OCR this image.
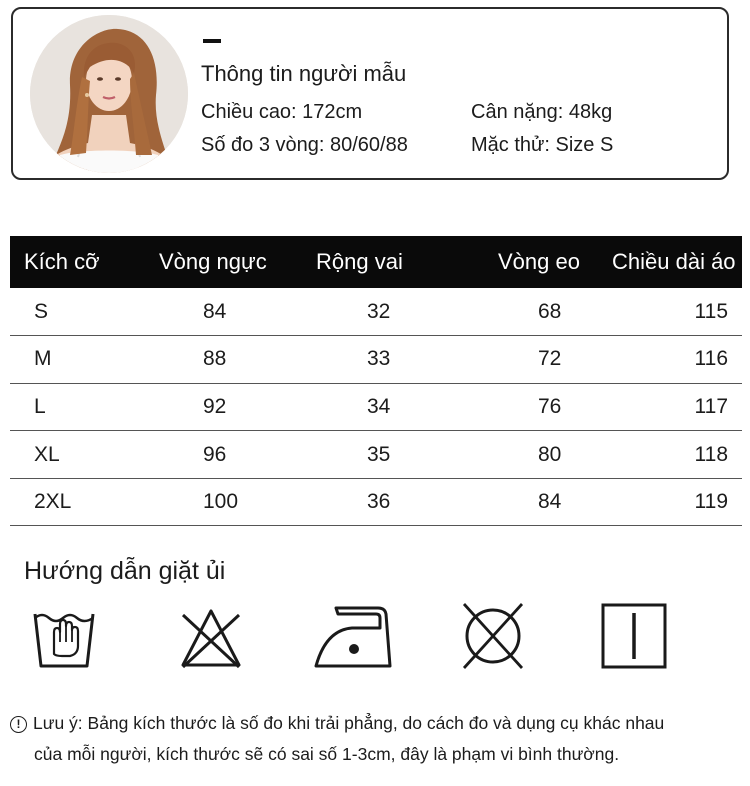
Thông tin người mẫu
Chiều cao: 172cm	Cân nặng: 48kg
Số đo 3 vòng: 80/60/88	Mặc thử: Size S
Kích cỡ	Vòng ngực	Rộng vai	Vòng eo	Chiều dài áo
S	84	32	68	115
M	88	33	72	116
L	92	34	76	117
XL	96	35	80	118
2XL	100	36	84	119
Hướng dẫn giặt ủi
! Lưu ý: Bảng kích thước là số đo khi trải phẳng, do cách đo và dụng cụ khác nhau
của mỗi người, kích thước sẽ có sai số 1-3cm, đây là phạm vi bình thường.
